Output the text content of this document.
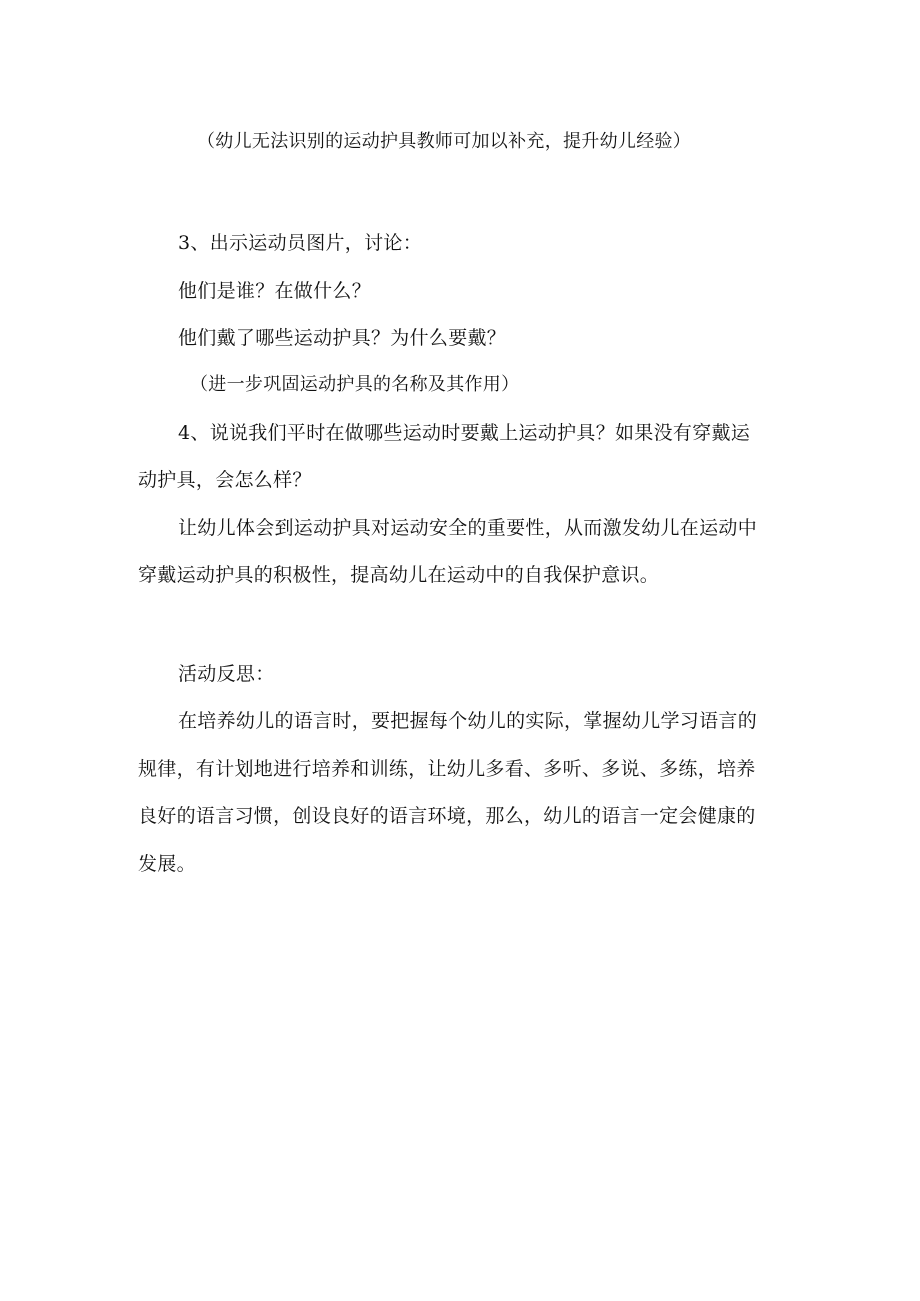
（幼儿无法识别的运动护具教师可加以补充，提升幼儿经验）
3、出示运动员图片，讨论：
他们是谁？在做什么？
他们戴了哪些运动护具？为什么要戴？
（进一步巩固运动护具的名称及其作用）
4、说说我们平时在做哪些运动时要戴上运动护具？如果没有穿戴运
动护具，会怎么样？
让幼儿体会到运动护具对运动安全的重要性，从而激发幼儿在运动中
穿戴运动护具的积极性，提高幼儿在运动中的自我保护意识。
活动反思：
在培养幼儿的语言时，要把握每个幼儿的实际，掌握幼儿学习语言的
规律，有计划地进行培养和训练，让幼儿多看、多听、多说、多练，培养
良好的语言习惯，创设良好的语言环境，那么，幼儿的语言一定会健康的
发展。
